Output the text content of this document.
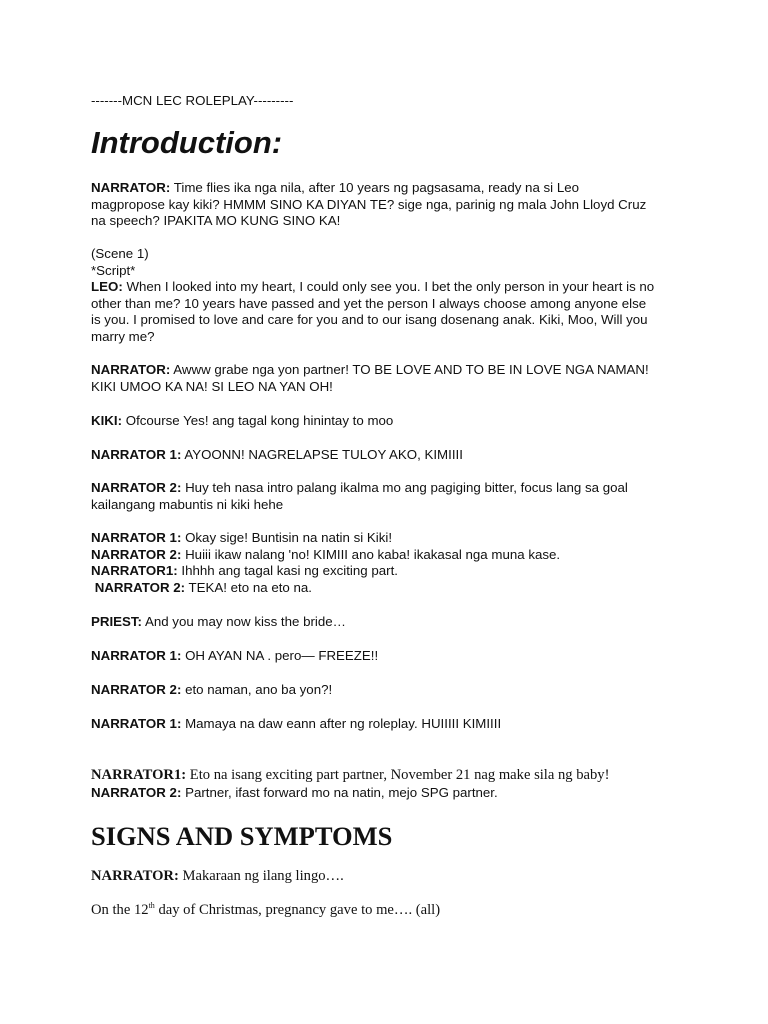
-------MCN LEC ROLEPLAY---------

Introduction:

NARRATOR: Time flies ika nga nila, after 10 years ng pagsasama, ready na si Leo

magpropose kay kiki? HMMM SINO KA DIYAN TE? sige nga, parinig ng mala John Lloyd Cruz

na speech? IPAKITA MO KUNG SINO KA!

(Scene 1)

*Script*

LEO: When I looked into my heart, I could only see you. I bet the only person in your heart is no

other than me? 10 years have passed and yet the person I always choose among anyone else

is you. I promised to love and care for you and to our isang dosenang anak. Kiki, Moo, Will you

marry me?

NARRATOR: Awww grabe nga yon partner! TO BE LOVE AND TO BE IN LOVE NGA NAMAN!

KIKI UMOO KA NA! SI LEO NA YAN OH!

KIKI: Ofcourse Yes! ang tagal kong hinintay to moo

NARRATOR 1: AYOONN! NAGRELAPSE TULOY AKO, KIMIIII

NARRATOR 2: Huy teh nasa intro palang ikalma mo ang pagiging bitter, focus lang sa goal

kailangang mabuntis ni kiki hehe

NARRATOR 1: Okay sige! Buntisin na natin si Kiki!

NARRATOR 2: Huiii ikaw nalang 'no! KIMIII ano kaba! ikakasal nga muna kase.

NARRATOR1: Ihhhh ang tagal kasi ng exciting part.

NARRATOR 2: TEKA! eto na eto na.

PRIEST: And you may now kiss the bride…

NARRATOR 1: OH AYAN NA . pero— FREEZE!!

NARRATOR 2: eto naman, ano ba yon?!

NARRATOR 1: Mamaya na daw eann after ng roleplay. HUIIIII KIMIIII

NARRATOR1: Eto na isang exciting part partner, November 21 nag make sila ng baby!

NARRATOR 2: Partner, ifast forward mo na natin, mejo SPG partner.

SIGNS AND SYMPTOMS

NARRATOR: Makaraan ng ilang lingo….

On the 12th day of Christmas, pregnancy gave to me…. (all)
